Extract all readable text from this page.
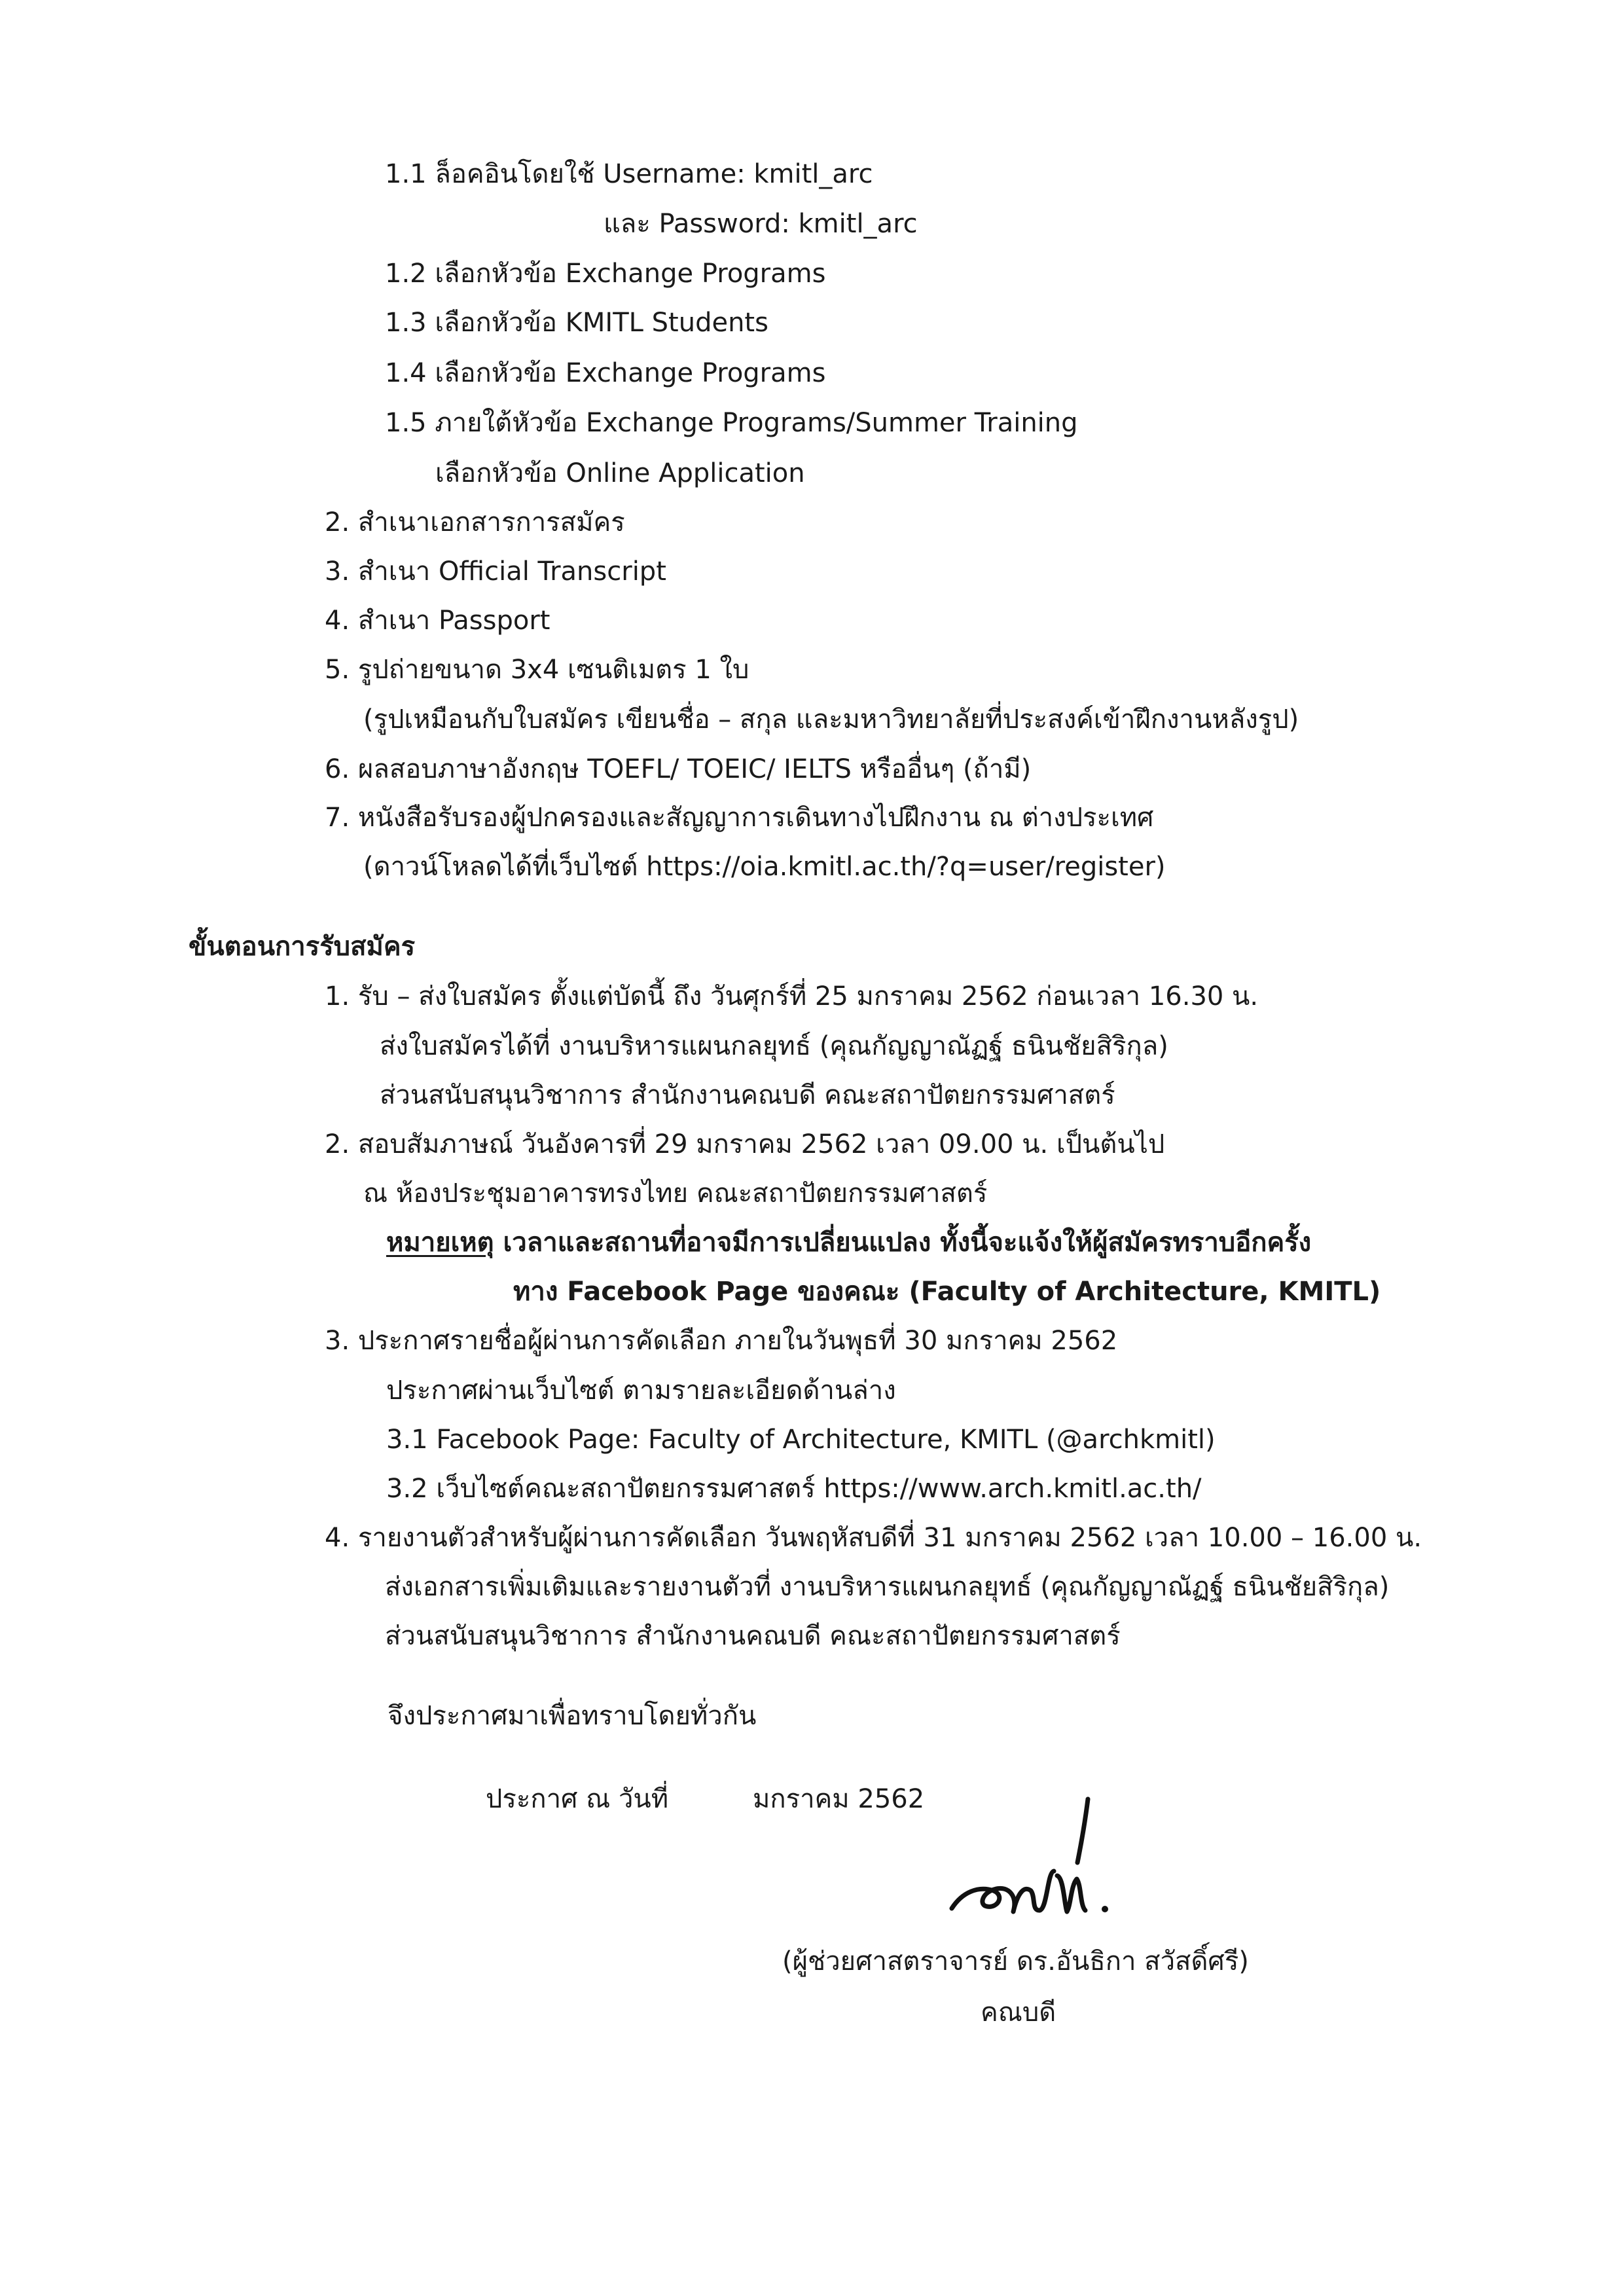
1.1 ล็อคอินโดยใช้ Username: kmitl_arc
และ Password: kmitl_arc
1.2 เลือกหัวข้อ Exchange Programs
1.3 เลือกหัวข้อ KMITL Students
1.4 เลือกหัวข้อ Exchange Programs
1.5 ภายใต้หัวข้อ Exchange Programs/Summer Training
เลือกหัวข้อ Online Application
2. สำเนาเอกสารการสมัคร
3. สำเนา Official Transcript
4. สำเนา Passport
5. รูปถ่ายขนาด 3x4 เซนติเมตร 1 ใบ
(รูปเหมือนกับใบสมัคร เขียนชื่อ – สกุล และมหาวิทยาลัยที่ประสงค์เข้าฝึกงานหลังรูป)
6. ผลสอบภาษาอังกฤษ TOEFL/ TOEIC/ IELTS หรืออื่นๆ (ถ้ามี)
7. หนังสือรับรองผู้ปกครองและสัญญาการเดินทางไปฝึกงาน ณ ต่างประเทศ
(ดาวน์โหลดได้ที่เว็บไซต์ https://oia.kmitl.ac.th/?q=user/register)
ขั้นตอนการรับสมัคร
1. รับ – ส่งใบสมัคร ตั้งแต่บัดนี้ ถึง วันศุกร์ที่ 25 มกราคม 2562 ก่อนเวลา 16.30 น.
ส่งใบสมัครได้ที่ งานบริหารแผนกลยุทธ์ (คุณกัญญาณัฏฐ์ ธนินชัยสิริกุล)
ส่วนสนับสนุนวิชาการ สำนักงานคณบดี คณะสถาปัตยกรรมศาสตร์
2. สอบสัมภาษณ์ วันอังคารที่ 29 มกราคม 2562 เวลา 09.00 น. เป็นต้นไป
ณ ห้องประชุมอาคารทรงไทย คณะสถาปัตยกรรมศาสตร์
หมายเหตุ เวลาและสถานที่อาจมีการเปลี่ยนแปลง ทั้งนี้จะแจ้งให้ผู้สมัครทราบอีกครั้ง
ทาง Facebook Page ของคณะ (Faculty of Architecture, KMITL)
3. ประกาศรายชื่อผู้ผ่านการคัดเลือก ภายในวันพุธที่ 30 มกราคม 2562
ประกาศผ่านเว็บไซต์ ตามรายละเอียดด้านล่าง
3.1 Facebook Page: Faculty of Architecture, KMITL (@archkmitl)
3.2 เว็บไซต์คณะสถาปัตยกรรมศาสตร์ https://www.arch.kmitl.ac.th/
4. รายงานตัวสำหรับผู้ผ่านการคัดเลือก วันพฤหัสบดีที่ 31 มกราคม 2562 เวลา 10.00 – 16.00 น.
ส่งเอกสารเพิ่มเติมและรายงานตัวที่ งานบริหารแผนกลยุทธ์ (คุณกัญญาณัฏฐ์ ธนินชัยสิริกุล)
ส่วนสนับสนุนวิชาการ สำนักงานคณบดี คณะสถาปัตยกรรมศาสตร์
จึงประกาศมาเพื่อทราบโดยทั่วกัน
ประกาศ ณ วันที่	มกราคม 2562
(ผู้ช่วยศาสตราจารย์ ดร.อันธิกา สวัสดิ์ศรี)
คณบดี
